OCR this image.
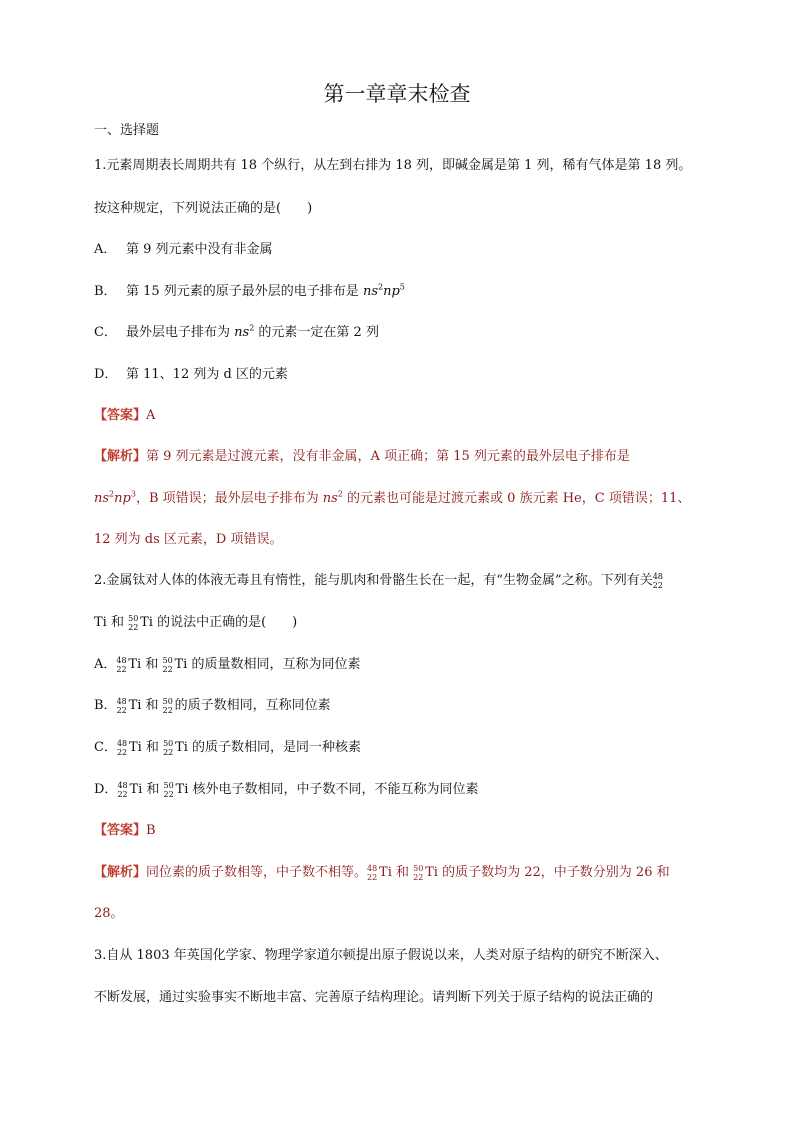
第一章章末检查
一、选择题
1.元素周期表长周期共有 18 个纵行，从左到右排为 18 列，即碱金属是第 1 列，稀有气体是第 18 列。
按这种规定，下列说法正确的是(　　)
A． 第 9 列元素中没有非金属
B． 第 15 列元素的原子最外层的电子排布是 $ns^2np^5$
C． 最外层电子排布为 $ns^2$ 的元素一定在第 2 列
D． 第 11、12 列为 d 区的元素
【答案】A
【解析】第 9 列元素是过渡元素，没有非金属，A 项正确；第 15 列元素的最外层电子排布是
$ns^2np^3$，B 项错误；最外层电子排布为 $ns^2$ 的元素也可能是过渡元素或 0 族元素 He，C 项错误；11、
12 列为 ds 区元素，D 项错误。
2.金属钛对人体的体液无毒且有惰性，能与肌肉和骨骼生长在一起，有“生物金属”之称。下列有关 48
22
Ti 和 50
22 Ti 的说法中正确的是(　　)
A． 48
22 Ti 和 50
22 Ti 的质量数相同，互称为同位素
B． 48
22 Ti 和 50
22 的质子数相同，互称同位素
C． 48
22 Ti 和 50
22 Ti 的质子数相同，是同一种核素
D． 48
22 Ti 和 50
22 Ti 核外电子数相同，中子数不同，不能互称为同位素
【答案】B
【解析】同位素的质子数相等，中子数不相等。 48
22 Ti 和 50
22 Ti 的质子数均为 22，中子数分别为 26 和
28。
3.自从 1803 年英国化学家、物理学家道尔顿提出原子假说以来，人类对原子结构的研究不断深入、
不断发展，通过实验事实不断地丰富、完善原子结构理论。请判断下列关于原子结构的说法正确的
